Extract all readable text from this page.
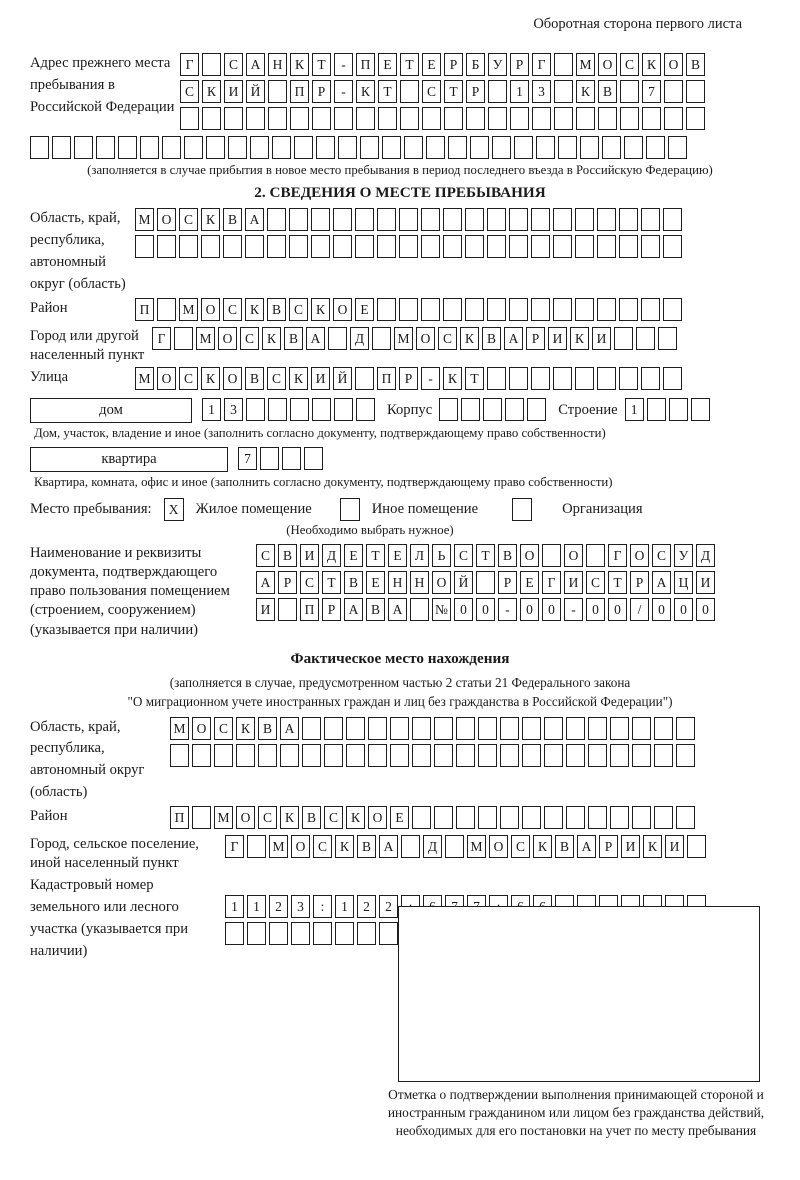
Оборотная сторона первого листа
Адрес прежнего места пребывания в Российской Федерации
Г	С А Н К Т	-	П Е	Т	Е	Р	Б У Р	Г	М О С К О В
С К И Й	П Р	-	К Т	С Т	Р	1	3	К В	7
(заполняется в случае прибытия в новое место пребывания в период последнего въезда в Российскую Федерацию)
2. СВЕДЕНИЯ О МЕСТЕ ПРЕБЫВАНИЯ
Область, край, республика, автономный округ (область)
М О С К В А
Район	П	М О С К В С К О Е
Город или другой населенный пункт
Г	М О С К В А	Д	М О С К В А Р И К И
Улица	М О С К О В С К И Й	П Р	-	К Т
дом	1	3	Корпус	Строение 1
Дом, участок, владение и иное (заполнить согласно документу, подтверждающему право собственности)
квартира	7
Квартира, комната, офис и иное (заполнить согласно документу, подтверждающему право собственности)
Место пребывания:	X	Жилое помещение	Иное помещение	Организация
(Необходимо выбрать нужное)
Наименование и реквизиты документа, подтверждающего право пользования помещением (строением, сооружением) (указывается при наличии)
С В И Д Е	Т	Е Л	Ь	С Т В О	О	Г О С У Д
А Р	С Т В Е Н Н О Й	Р	Е	Г И С Т	Р А Ц И
И	П Р А В А	№ 0	0	-	0	0	-	0	0	/	0	0	0
Фактическое место нахождения
(заполняется в случае, предусмотренном частью 2 статьи 21 Федерального закона
"О миграционном учете иностранных граждан и лиц без гражданства в Российской Федерации")
Область, край, республика, автономный округ (область)
М О С К В А
Район	П	М О С К В С К О Е
Город, сельское поселение, иной населенный пункт
Г	М О С К В А	Д	М О С К В А Р И К И
Кадастровый номер земельного или лесного участка (указывается при наличии)
1	1	2	3	:	1	2	2
Отметка о подтверждении выполнения принимающей стороной и иностранным гражданином или лицом без гражданства действий, необходимых для его постановки на учет по месту пребывания
